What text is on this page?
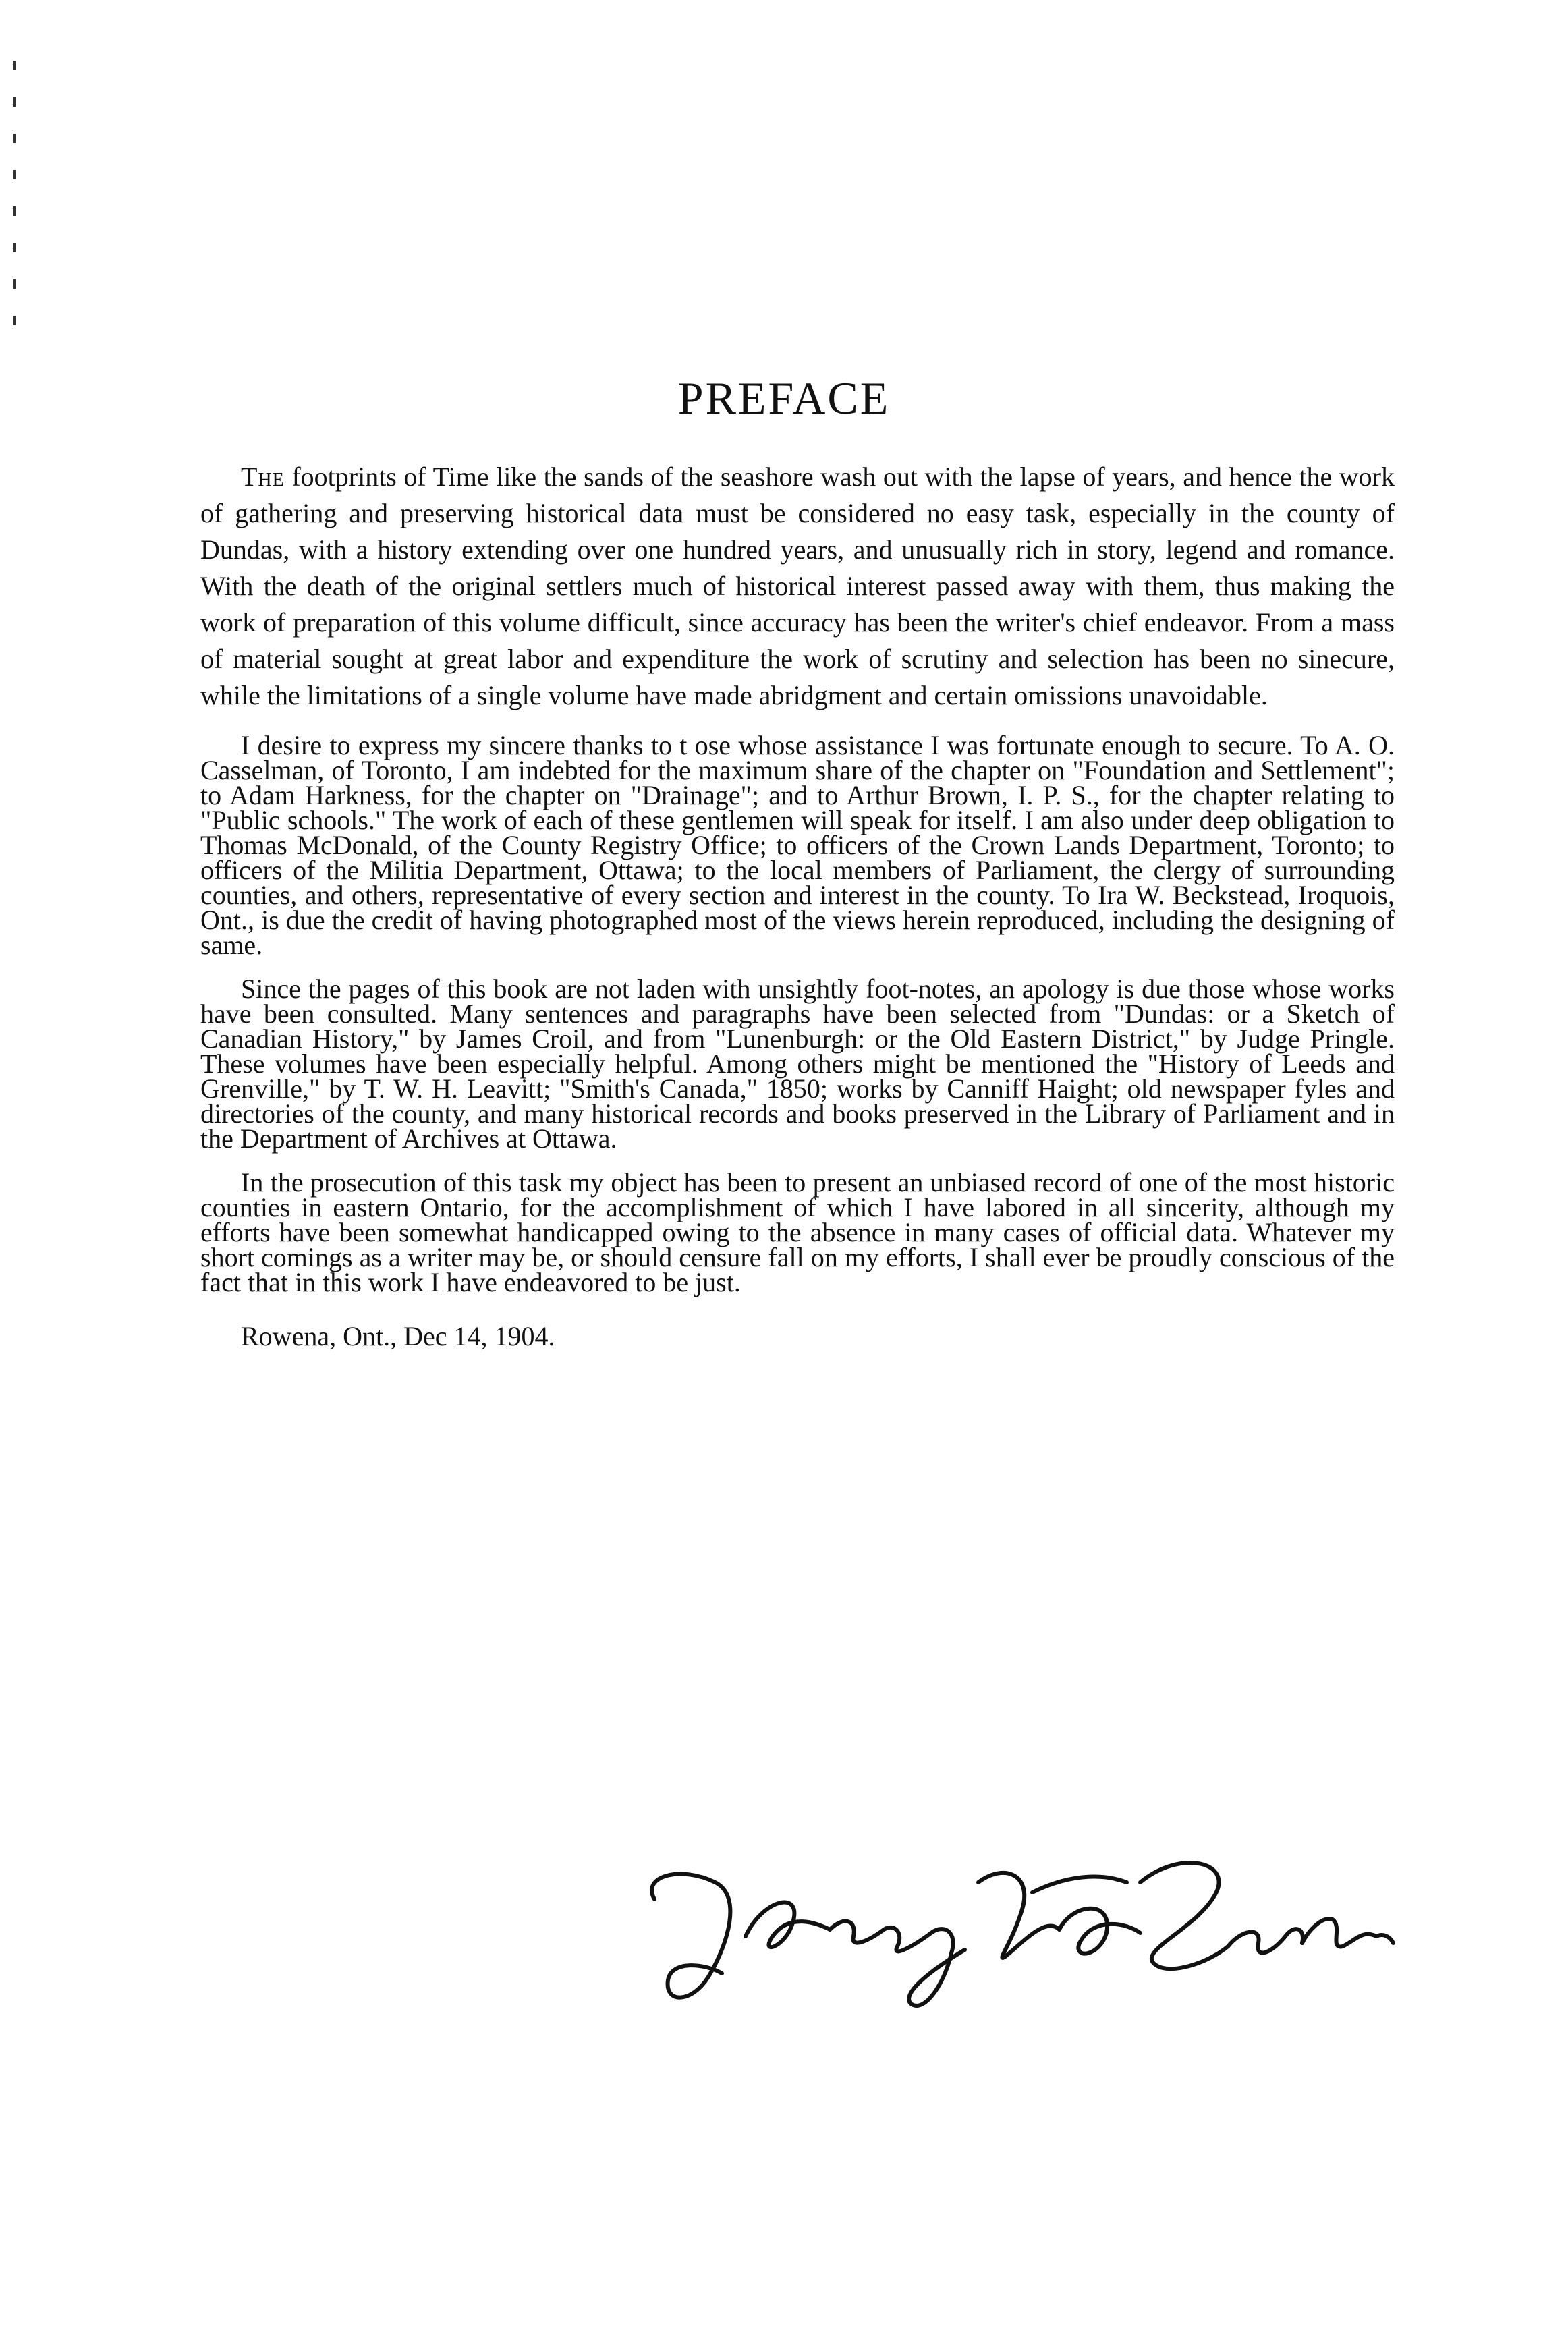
PREFACE

The footprints of Time like the sands of the seashore wash out with the lapse of years, and hence the work of gathering and preserving historical data must be considered no easy task, especially in the county of Dundas, with a history extending over one hundred years, and unusually rich in story, legend and romance. With the death of the original settlers much of historical interest passed away with them, thus making the work of preparation of this volume difficult, since accuracy has been the writer's chief endeavor. From a mass of material sought at great labor and expenditure the work of scrutiny and selection has been no sinecure, while the limitations of a single volume have made abridgment and certain omissions unavoidable.

I desire to express my sincere thanks to t ose whose assistance I was fortunate enough to secure. To A. O. Casselman, of Toronto, I am indebted for the maximum share of the chapter on "Foundation and Settlement"; to Adam Harkness, for the chapter on "Drainage"; and to Arthur Brown, I. P. S., for the chapter relating to "Public schools." The work of each of these gentlemen will speak for itself. I am also under deep obligation to Thomas McDonald, of the County Registry Office; to officers of the Crown Lands Department, Toronto; to officers of the Militia Department, Ottawa; to the local members of Parliament, the clergy of surrounding counties, and others, representative of every section and interest in the county. To Ira W. Beckstead, Iroquois, Ont., is due the credit of having photographed most of the views herein reproduced, including the designing of same.

Since the pages of this book are not laden with unsightly foot-notes, an apology is due those whose works have been consulted. Many sentences and paragraphs have been selected from "Dundas: or a Sketch of Canadian History," by James Croil, and from "Lunenburgh: or the Old Eastern District," by Judge Pringle. These volumes have been especially helpful. Among others might be mentioned the "History of Leeds and Grenville," by T. W. H. Leavitt; "Smith's Canada," 1850; works by Canniff Haight; old newspaper fyles and directories of the county, and many historical records and books preserved in the Library of Parliament and in the Department of Archives at Ottawa.

In the prosecution of this task my object has been to present an unbiased record of one of the most historic counties in eastern Ontario, for the accomplishment of which I have labored in all sincerity, although my efforts have been somewhat handicapped owing to the absence in many cases of official data. Whatever my short comings as a writer may be, or should censure fall on my efforts, I shall ever be proudly conscious of the fact that in this work I have endeavored to be just.

Rowena, Ont., Dec 14, 1904.
